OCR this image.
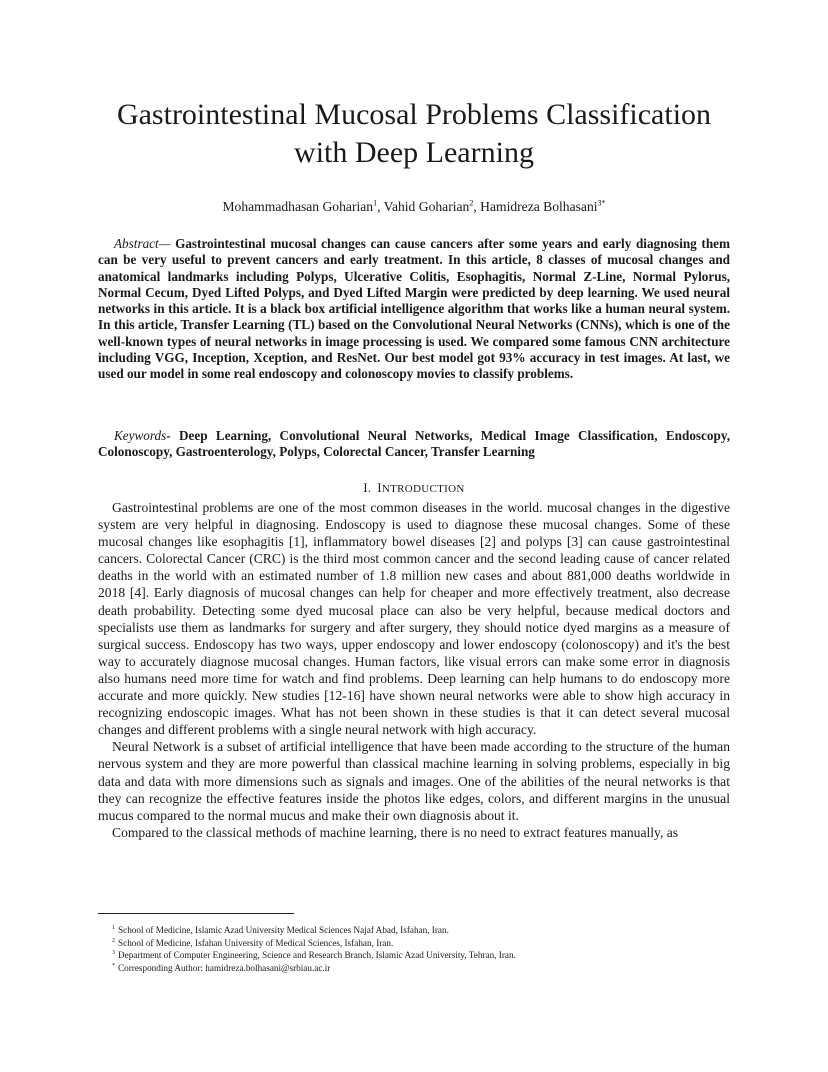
Gastrointestinal Mucosal Problems Classification
with Deep Learning
Mohammadhasan Goharian$^1$, Vahid Goharian$^2$, Hamidreza Bolhasani$^{3*}$

Abstract— Gastrointestinal mucosal changes can cause cancers after some years and early diagnosing them can be very useful to prevent cancers and early treatment. In this article, 8 classes of mucosal changes and anatomical landmarks including Polyps, Ulcerative Colitis, Esophagitis, Normal Z-Line, Normal Pylorus, Normal Cecum, Dyed Lifted Polyps, and Dyed Lifted Margin were predicted by deep learning. We used neural networks in this article. It is a black box artificial intelligence algorithm that works like a human neural system. In this article, Transfer Learning (TL) based on the Convolutional Neural Networks (CNNs), which is one of the well-known types of neural networks in image processing is used. We compared some famous CNN architecture including VGG, Inception, Xception, and ResNet. Our best model got 93% accuracy in test images. At last, we used our model in some real endoscopy and colonoscopy movies to classify problems.

Keywords- Deep Learning, Convolutional Neural Networks, Medical Image Classification, Endoscopy, Colonoscopy, Gastroenterology, Polyps, Colorectal Cancer, Transfer Learning

I. INTRODUCTION

Gastrointestinal problems are one of the most common diseases in the world. mucosal changes in the digestive system are very helpful in diagnosing. Endoscopy is used to diagnose these mucosal changes. Some of these mucosal changes like esophagitis [1], inflammatory bowel diseases [2] and polyps [3] can cause gastrointestinal cancers. Colorectal Cancer (CRC) is the third most common cancer and the second leading cause of cancer related deaths in the world with an estimated number of 1.8 million new cases and about 881,000 deaths worldwide in 2018 [4]. Early diagnosis of mucosal changes can help for cheaper and more effectively treatment, also decrease death probability. Detecting some dyed mucosal place can also be very helpful, because medical doctors and specialists use them as landmarks for surgery and after surgery, they should notice dyed margins as a measure of surgical success. Endoscopy has two ways, upper endoscopy and lower endoscopy (colonoscopy) and it's the best way to accurately diagnose mucosal changes. Human factors, like visual errors can make some error in diagnosis also humans need more time for watch and find problems. Deep learning can help humans to do endoscopy more accurate and more quickly. New studies [12-16] have shown neural networks were able to show high accuracy in recognizing endoscopic images. What has not been shown in these studies is that it can detect several mucosal changes and different problems with a single neural network with high accuracy.

Neural Network is a subset of artificial intelligence that have been made according to the structure of the human nervous system and they are more powerful than classical machine learning in solving problems, especially in big data and data with more dimensions such as signals and images. One of the abilities of the neural networks is that they can recognize the effective features inside the photos like edges, colors, and different margins in the unusual mucus compared to the normal mucus and make their own diagnosis about it.

Compared to the classical methods of machine learning, there is no need to extract features manually, as

$^1$ School of Medicine, Islamic Azad University Medical Sciences Najaf Abad, Isfahan, Iran.
$^2$ School of Medicine, Isfahan University of Medical Sciences, Isfahan, Iran.
$^3$ Department of Computer Engineering, Science and Research Branch, Islamic Azad University, Tehran, Iran.
* Corresponding Author: hamidreza.bolhasani@srbiau.ac.ir
